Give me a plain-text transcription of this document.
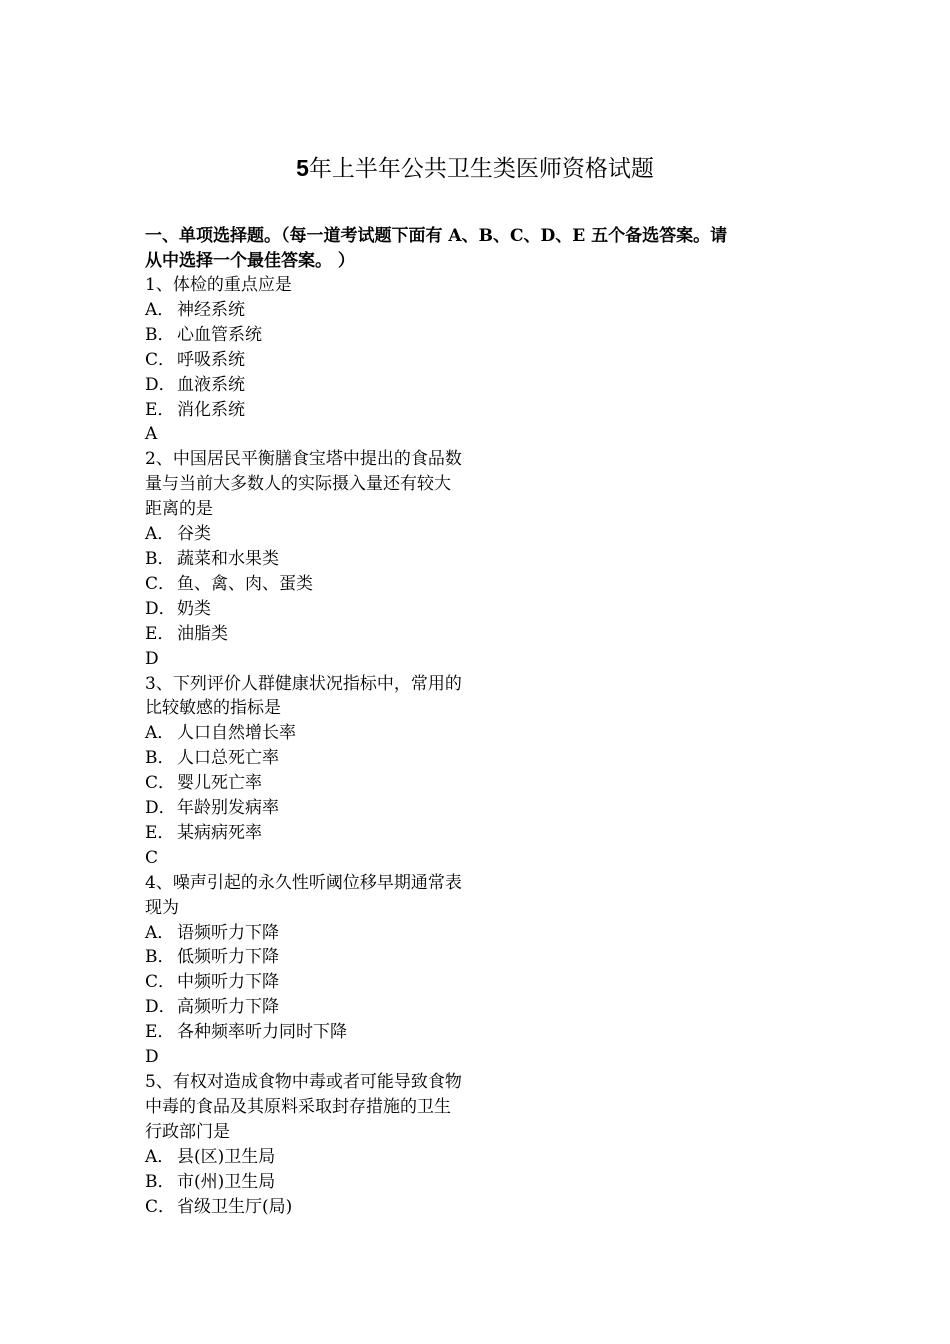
5年上半年公共卫生类医师资格试题
一、单项选择题。（每一道考试题下面有 A、B、C、D、E 五个备选答案。请
从中选择一个最佳答案。 ）
1、体检的重点应是
A． 神经系统
B． 心血管系统
C． 呼吸系统
D．血液系统
E． 消化系统
A
2、中国居民平衡膳食宝塔中提出的食品数
量与当前大多数人的实际摄入量还有较大
距离的是
A． 谷类
B． 蔬菜和水果类
C． 鱼、禽、肉、蛋类
D．奶类
E． 油脂类
D
3、下列评价人群健康状况指标中，常用的
比较敏感的指标是
A． 人口自然增长率
B． 人口总死亡率
C． 婴儿死亡率
D．年龄别发病率
E． 某病病死率
C
4、噪声引起的永久性听阈位移早期通常表
现为
A． 语频听力下降
B． 低频听力下降
C． 中频听力下降
D．高频听力下降
E． 各种频率听力同时下降
D
5、有权对造成食物中毒或者可能导致食物
中毒的食品及其原料采取封存措施的卫生
行政部门是
A． 县(区)卫生局
B． 市(州)卫生局
C． 省级卫生厅(局)
